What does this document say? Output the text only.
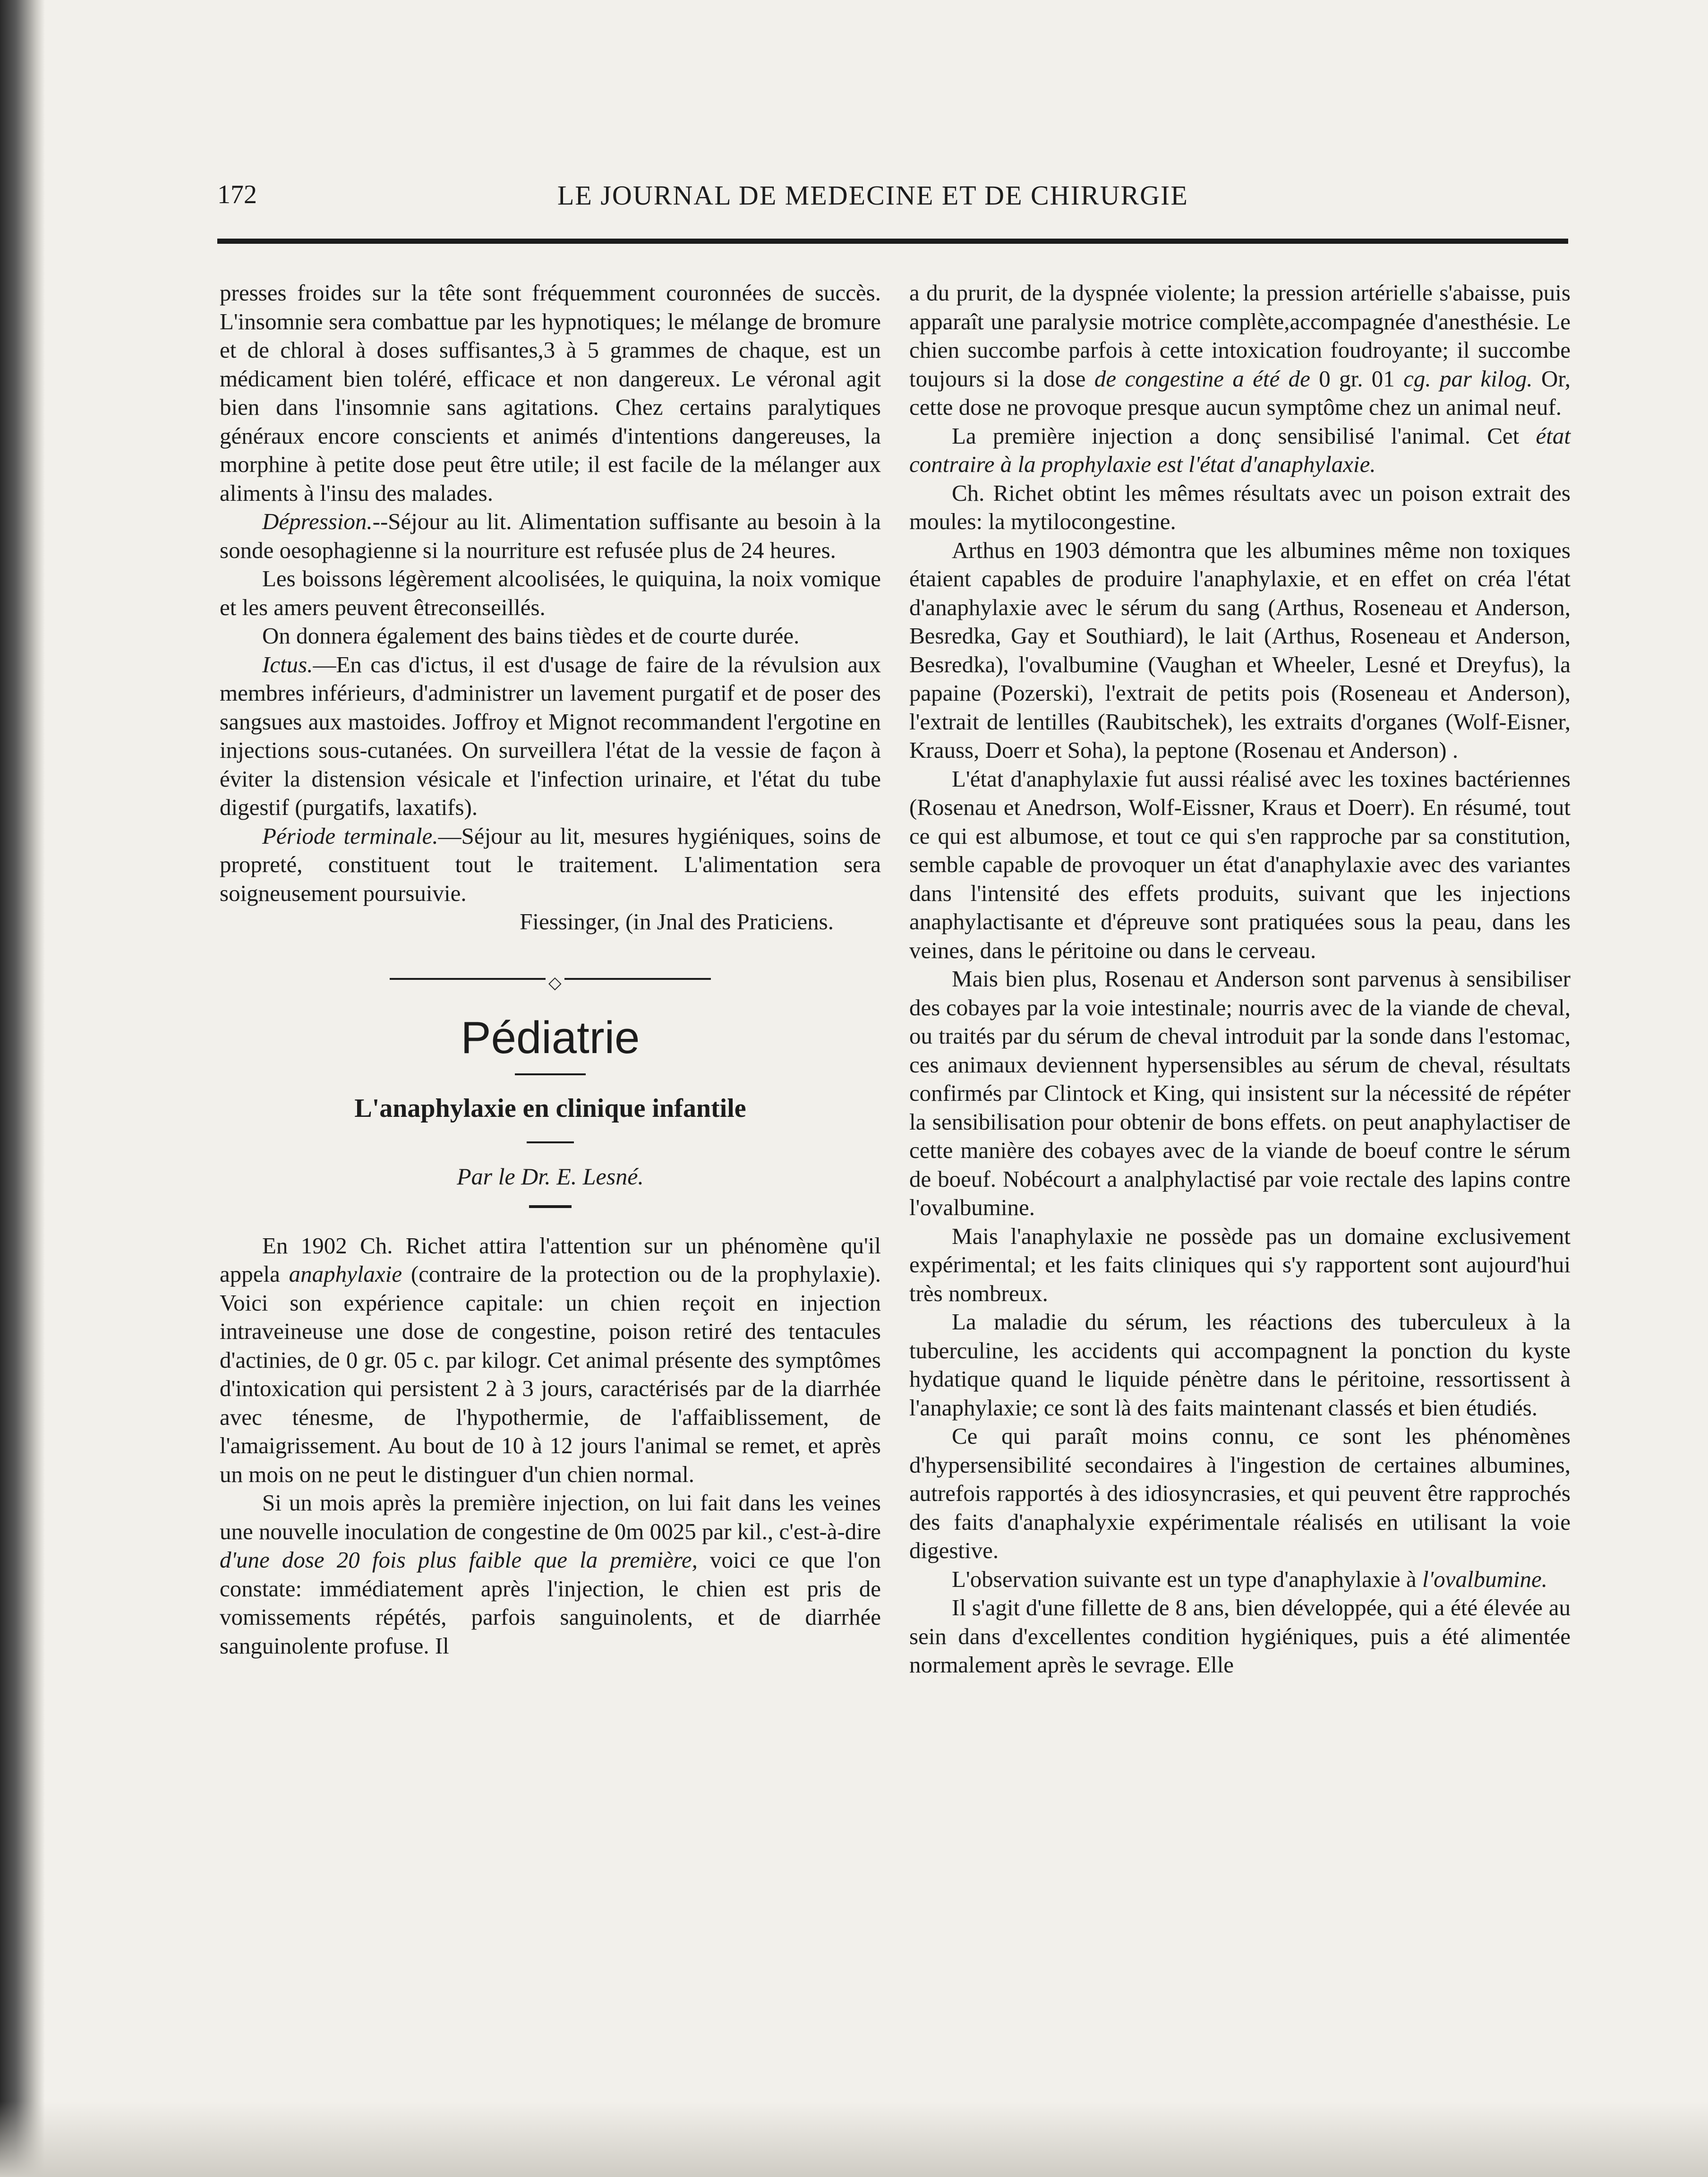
172	LE JOURNAL DE MEDECINE ET DE CHIRURGIE

presses froides sur la tête sont fréquemment couronnées de succès. L'insomnie sera combattue par les hypnotiques; le mélange de bromure et de chloral à doses suffisantes,3 à 5 grammes de chaque, est un médicament bien toléré, efficace et non dangereux. Le véronal agit bien dans l'insomnie sans agitations. Chez certains paralytiques généraux encore conscients et animés d'intentions dangereuses, la morphine à petite dose peut être utile; il est facile de la mélanger aux aliments à l'insu des malades.

Dépression.--Séjour au lit. Alimentation suffisante au besoin à la sonde oesophagienne si la nourriture est refusée plus de 24 heures.

Les boissons légèrement alcoolisées, le quiquina, la noix vomique et les amers peuvent êtreconseillés.

On donnera également des bains tièdes et de courte durée.

Ictus.—En cas d'ictus, il est d'usage de faire de la révulsion aux membres inférieurs, d'administrer un lavement purgatif et de poser des sangsues aux mastoides. Joffroy et Mignot recommandent l'ergotine en injections sous-cutanées. On surveillera l'état de la vessie de façon à éviter la distension vésicale et l'infection urinaire, et l'état du tube digestif (purgatifs, laxatifs).

Période terminale.—Séjour au lit, mesures hygiéniques, soins de propreté, constituent tout le traitement. L'alimentation sera soigneusement poursuivie.

Fiessinger, (in Jnal des Praticiens.

◇
Pédiatrie
L'anaphylaxie en clinique infantile
Par le Dr. E. Lesné.

En 1902 Ch. Richet attira l'attention sur un phénomène qu'il appela anaphylaxie (contraire de la protection ou de la prophylaxie). Voici son expérience capitale: un chien reçoit en injection intraveineuse une dose de congestine, poison retiré des tentacules d'actinies, de 0 gr. 05 c. par kilogr. Cet animal présente des symptômes d'intoxication qui persistent 2 à 3 jours, caractérisés par de la diarrhée avec ténesme, de l'hypothermie, de l'affaiblissement, de l'amaigrissement. Au bout de 10 à 12 jours l'animal se remet, et après un mois on ne peut le distinguer d'un chien normal.

Si un mois après la première injection, on lui fait dans les veines une nouvelle inoculation de congestine de 0m 0025 par kil., c'est-à-dire d'une dose 20 fois plus faible que la première, voici ce que l'on constate: immédiatement après l'injection, le chien est pris de vomissements répétés, parfois sanguinolents, et de diarrhée sanguinolente profuse. Il

a du prurit, de la dyspnée violente; la pression artérielle s'abaisse, puis apparaît une paralysie motrice complète,accompagnée d'anesthésie. Le chien succombe parfois à cette intoxication foudroyante; il succombe toujours si la dose de congestine a été de 0 gr. 01 cg. par kilog. Or, cette dose ne provoque presque aucun symptôme chez un animal neuf.

La première injection a donç sensibilisé l'animal. Cet état contraire à la prophylaxie est l'état d'anaphylaxie.

Ch. Richet obtint les mêmes résultats avec un poison extrait des moules: la mytilocongestine.

Arthus en 1903 démontra que les albumines même non toxiques étaient capables de produire l'anaphylaxie, et en effet on créa l'état d'anaphylaxie avec le sérum du sang (Arthus, Roseneau et Anderson, Besredka, Gay et Southiard), le lait (Arthus, Roseneau et Anderson, Besredka), l'ovalbumine (Vaughan et Wheeler, Lesné et Dreyfus), la papaine (Pozerski), l'extrait de petits pois (Roseneau et Anderson), l'extrait de lentilles (Raubitschek), les extraits d'organes (Wolf-Eisner, Krauss, Doerr et Soha), la peptone (Rosenau et Anderson) .

L'état d'anaphylaxie fut aussi réalisé avec les toxines bactériennes (Rosenau et Anedrson, Wolf-Eissner, Kraus et Doerr). En résumé, tout ce qui est albumose, et tout ce qui s'en rapproche par sa constitution, semble capable de provoquer un état d'anaphylaxie avec des variantes dans l'intensité des effets produits, suivant que les injections anaphylactisante et d'épreuve sont pratiquées sous la peau, dans les veines, dans le péritoine ou dans le cerveau.

Mais bien plus, Rosenau et Anderson sont parvenus à sensibiliser des cobayes par la voie intestinale; nourris avec de la viande de cheval, ou traités par du sérum de cheval introduit par la sonde dans l'estomac, ces animaux deviennent hypersensibles au sérum de cheval, résultats confirmés par Clintock et King, qui insistent sur la nécessité de répéter la sensibilisation pour obtenir de bons effets. on peut anaphylactiser de cette manière des cobayes avec de la viande de boeuf contre le sérum de boeuf. Nobécourt a analphylactisé par voie rectale des lapins contre l'ovalbumine.

Mais l'anaphylaxie ne possède pas un domaine exclusivement expérimental; et les faits cliniques qui s'y rapportent sont aujourd'hui très nombreux.

La maladie du sérum, les réactions des tuberculeux à la tuberculine, les accidents qui accompagnent la ponction du kyste hydatique quand le liquide pénètre dans le péritoine, ressortissent à l'anaphylaxie; ce sont là des faits maintenant classés et bien étudiés.

Ce qui paraît moins connu, ce sont les phénomènes d'hypersensibilité secondaires à l'ingestion de certaines albumines, autrefois rapportés à des idiosyncrasies, et qui peuvent être rapprochés des faits d'anaphalyxie expérimentale réalisés en utilisant la voie digestive.

L'observation suivante est un type d'anaphylaxie à l'ovalbumine.

Il s'agit d'une fillette de 8 ans, bien développée, qui a été élevée au sein dans d'excellentes condition hygiéniques, puis a été alimentée normalement après le sevrage. Elle
